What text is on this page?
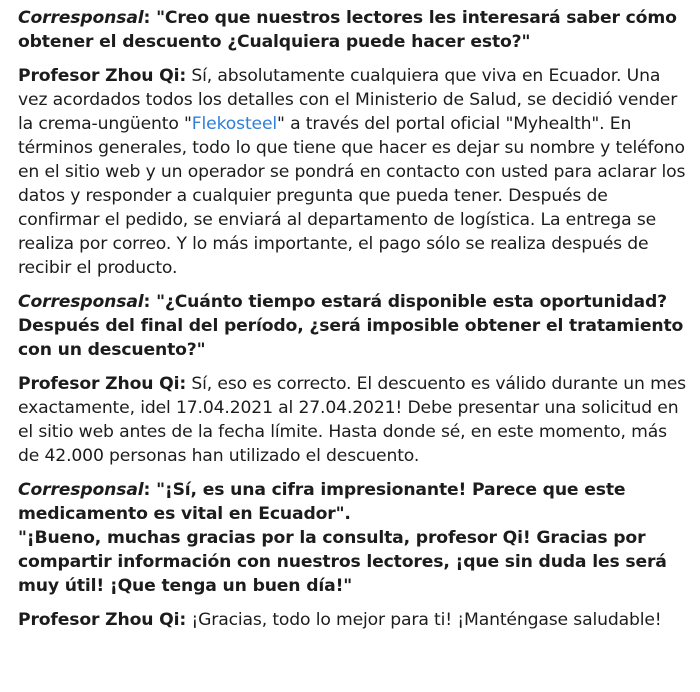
Corresponsal: "Creo que nuestros lectores les interesará saber cómo obtener el descuento ¿Cualquiera puede hacer esto?"

Profesor Zhou Qi: Sí, absolutamente cualquiera que viva en Ecuador. Una vez acordados todos los detalles con el Ministerio de Salud, se decidió vender la crema-ungüento "Flekosteel" a través del portal oficial "Myhealth". En términos generales, todo lo que tiene que hacer es dejar su nombre y teléfono en el sitio web y un operador se pondrá en contacto con usted para aclarar los datos y responder a cualquier pregunta que pueda tener. Después de confirmar el pedido, se enviará al departamento de logística. La entrega se realiza por correo. Y lo más importante, el pago sólo se realiza después de recibir el producto.

Corresponsal: "¿Cuánto tiempo estará disponible esta oportunidad? Después del final del período, ¿será imposible obtener el tratamiento con un descuento?"

Profesor Zhou Qi: Sí, eso es correcto. El descuento es válido durante un mes exactamente, idel 17.04.2021 al 27.04.2021! Debe presentar una solicitud en el sitio web antes de la fecha límite. Hasta donde sé, en este momento, más de 42.000 personas han utilizado el descuento.

Corresponsal: "¡Sí, es una cifra impresionante! Parece que este medicamento es vital en Ecuador".
"¡Bueno, muchas gracias por la consulta, profesor Qi! Gracias por compartir información con nuestros lectores, ¡que sin duda les será muy útil! ¡Que tenga un buen día!"

Profesor Zhou Qi: ¡Gracias, todo lo mejor para ti! ¡Manténgase saludable!
